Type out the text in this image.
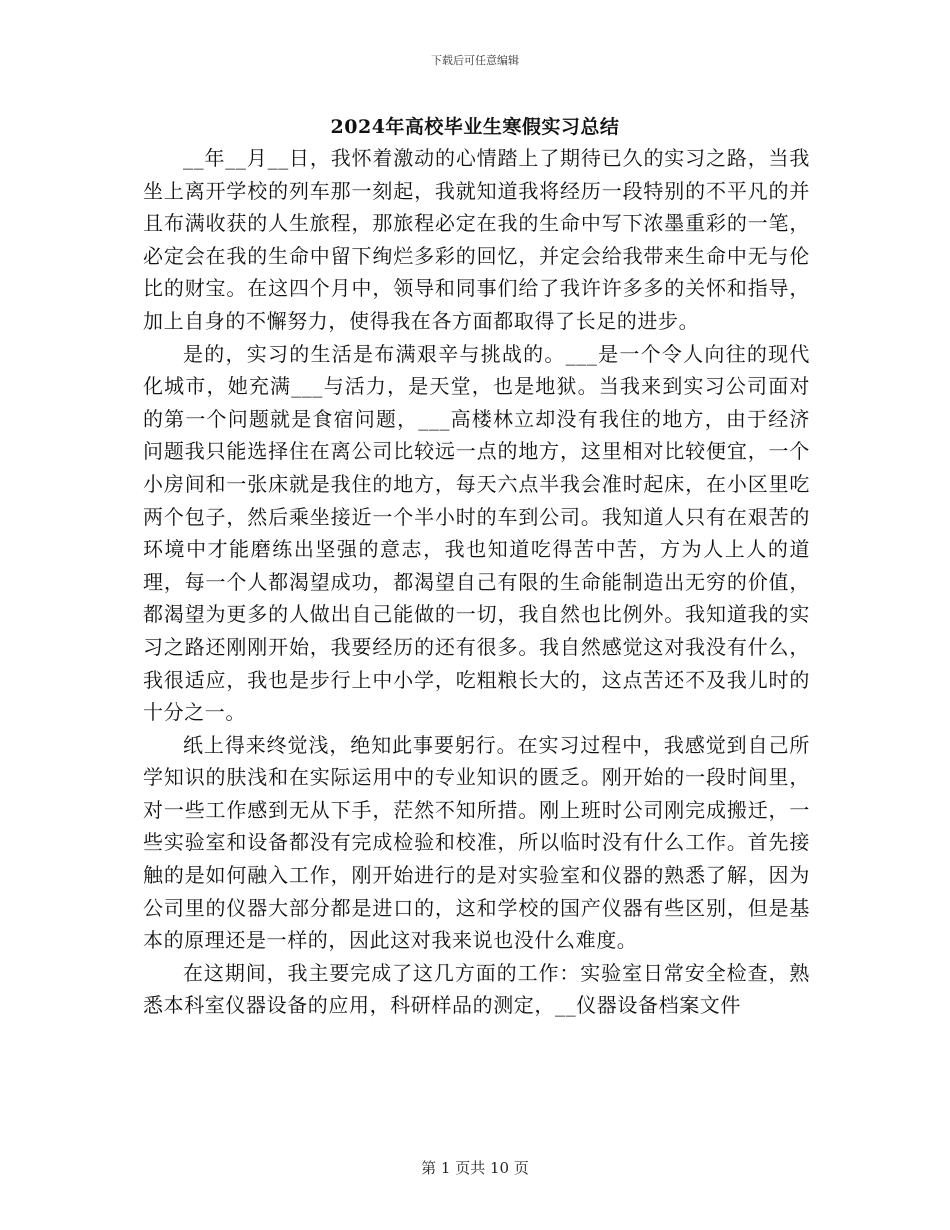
下载后可任意编辑
2024年高校毕业生寒假实习总结

__年__月__日，我怀着激动的心情踏上了期待已久的实习之路，当我坐上离开学校的列车那一刻起，我就知道我将经历一段特别的不平凡的并且布满收获的人生旅程，那旅程必定在我的生命中写下浓墨重彩的一笔，必定会在我的生命中留下绚烂多彩的回忆，并定会给我带来生命中无与伦比的财宝。在这四个月中，领导和同事们给了我许许多多的关怀和指导，加上自身的不懈努力，使得我在各方面都取得了长足的进步。

是的，实习的生活是布满艰辛与挑战的。___是一个令人向往的现代化城市，她充满___与活力，是天堂，也是地狱。当我来到实习公司面对的第一个问题就是食宿问题，___高楼林立却没有我住的地方，由于经济问题我只能选择住在离公司比较远一点的地方，这里相对比较便宜，一个小房间和一张床就是我住的地方，每天六点半我会准时起床，在小区里吃两个包子，然后乘坐接近一个半小时的车到公司。我知道人只有在艰苦的环境中才能磨练出坚强的意志，我也知道吃得苦中苦，方为人上人的道理，每一个人都渴望成功，都渴望自己有限的生命能制造出无穷的价值，都渴望为更多的人做出自己能做的一切，我自然也比例外。我知道我的实习之路还刚刚开始，我要经历的还有很多。我自然感觉这对我没有什么，我很适应，我也是步行上中小学，吃粗粮长大的，这点苦还不及我儿时的十分之一。

纸上得来终觉浅，绝知此事要躬行。在实习过程中，我感觉到自己所学知识的肤浅和在实际运用中的专业知识的匮乏。刚开始的一段时间里，对一些工作感到无从下手，茫然不知所措。刚上班时公司刚完成搬迁，一些实验室和设备都没有完成检验和校准，所以临时没有什么工作。首先接触的是如何融入工作，刚开始进行的是对实验室和仪器的熟悉了解，因为公司里的仪器大部分都是进口的，这和学校的国产仪器有些区别，但是基本的原理还是一样的，因此这对我来说也没什么难度。

在这期间，我主要完成了这几方面的工作：实验室日常安全检查，熟悉本科室仪器设备的应用，科研样品的测定，__仪器设备档案文件

第 1 页共 10 页
